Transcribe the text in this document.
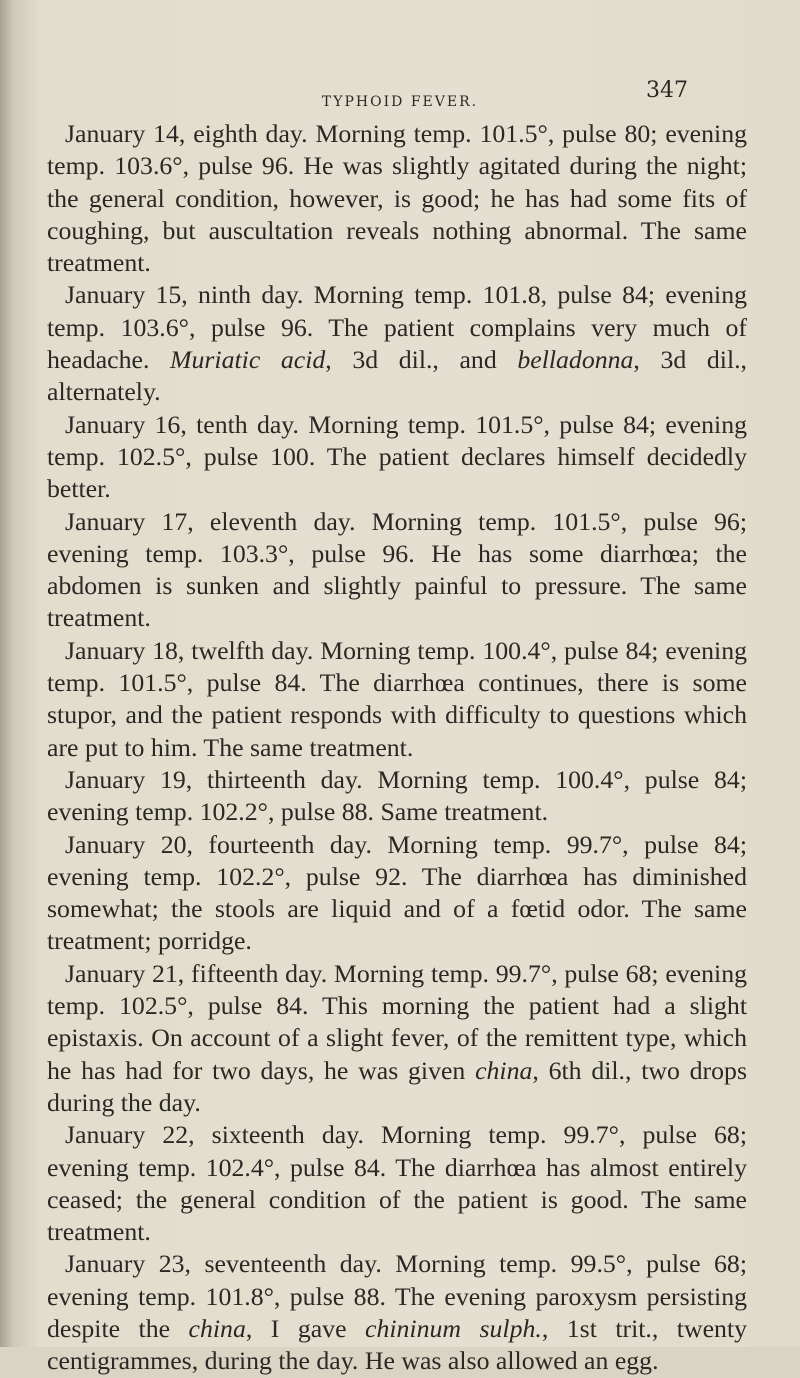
TYPHOID FEVER.	347

January 14, eighth day. Morning temp. 101.5°, pulse 80; evening temp. 103.6°, pulse 96. He was slightly agitated during the night; the general condition, however, is good; he has had some fits of coughing, but auscultation reveals nothing abnormal. The same treatment.

January 15, ninth day. Morning temp. 101.8, pulse 84; evening temp. 103.6°, pulse 96. The patient complains very much of headache. Muriatic acid, 3d dil., and belladonna, 3d dil., alternately.

January 16, tenth day. Morning temp. 101.5°, pulse 84; evening temp. 102.5°, pulse 100. The patient declares himself decidedly better.

January 17, eleventh day. Morning temp. 101.5°, pulse 96; evening temp. 103.3°, pulse 96. He has some diarrhœa; the abdomen is sunken and slightly painful to pressure. The same treatment.

January 18, twelfth day. Morning temp. 100.4°, pulse 84; evening temp. 101.5°, pulse 84. The diarrhœa continues, there is some stupor, and the patient responds with difficulty to questions which are put to him. The same treatment.

January 19, thirteenth day. Morning temp. 100.4°, pulse 84; evening temp. 102.2°, pulse 88. Same treatment.

January 20, fourteenth day. Morning temp. 99.7°, pulse 84; evening temp. 102.2°, pulse 92. The diarrhœa has diminished somewhat; the stools are liquid and of a fœtid odor. The same treatment; porridge.

January 21, fifteenth day. Morning temp. 99.7°, pulse 68; evening temp. 102.5°, pulse 84. This morning the patient had a slight epistaxis. On account of a slight fever, of the remittent type, which he has had for two days, he was given china, 6th dil., two drops during the day.

January 22, sixteenth day. Morning temp. 99.7°, pulse 68; evening temp. 102.4°, pulse 84. The diarrhœa has almost entirely ceased; the general condition of the patient is good. The same treatment.

January 23, seventeenth day. Morning temp. 99.5°, pulse 68; evening temp. 101.8°, pulse 88. The evening paroxysm persisting despite the china, I gave chininum sulph., 1st trit., twenty centigrammes, during the day. He was also allowed an egg.
